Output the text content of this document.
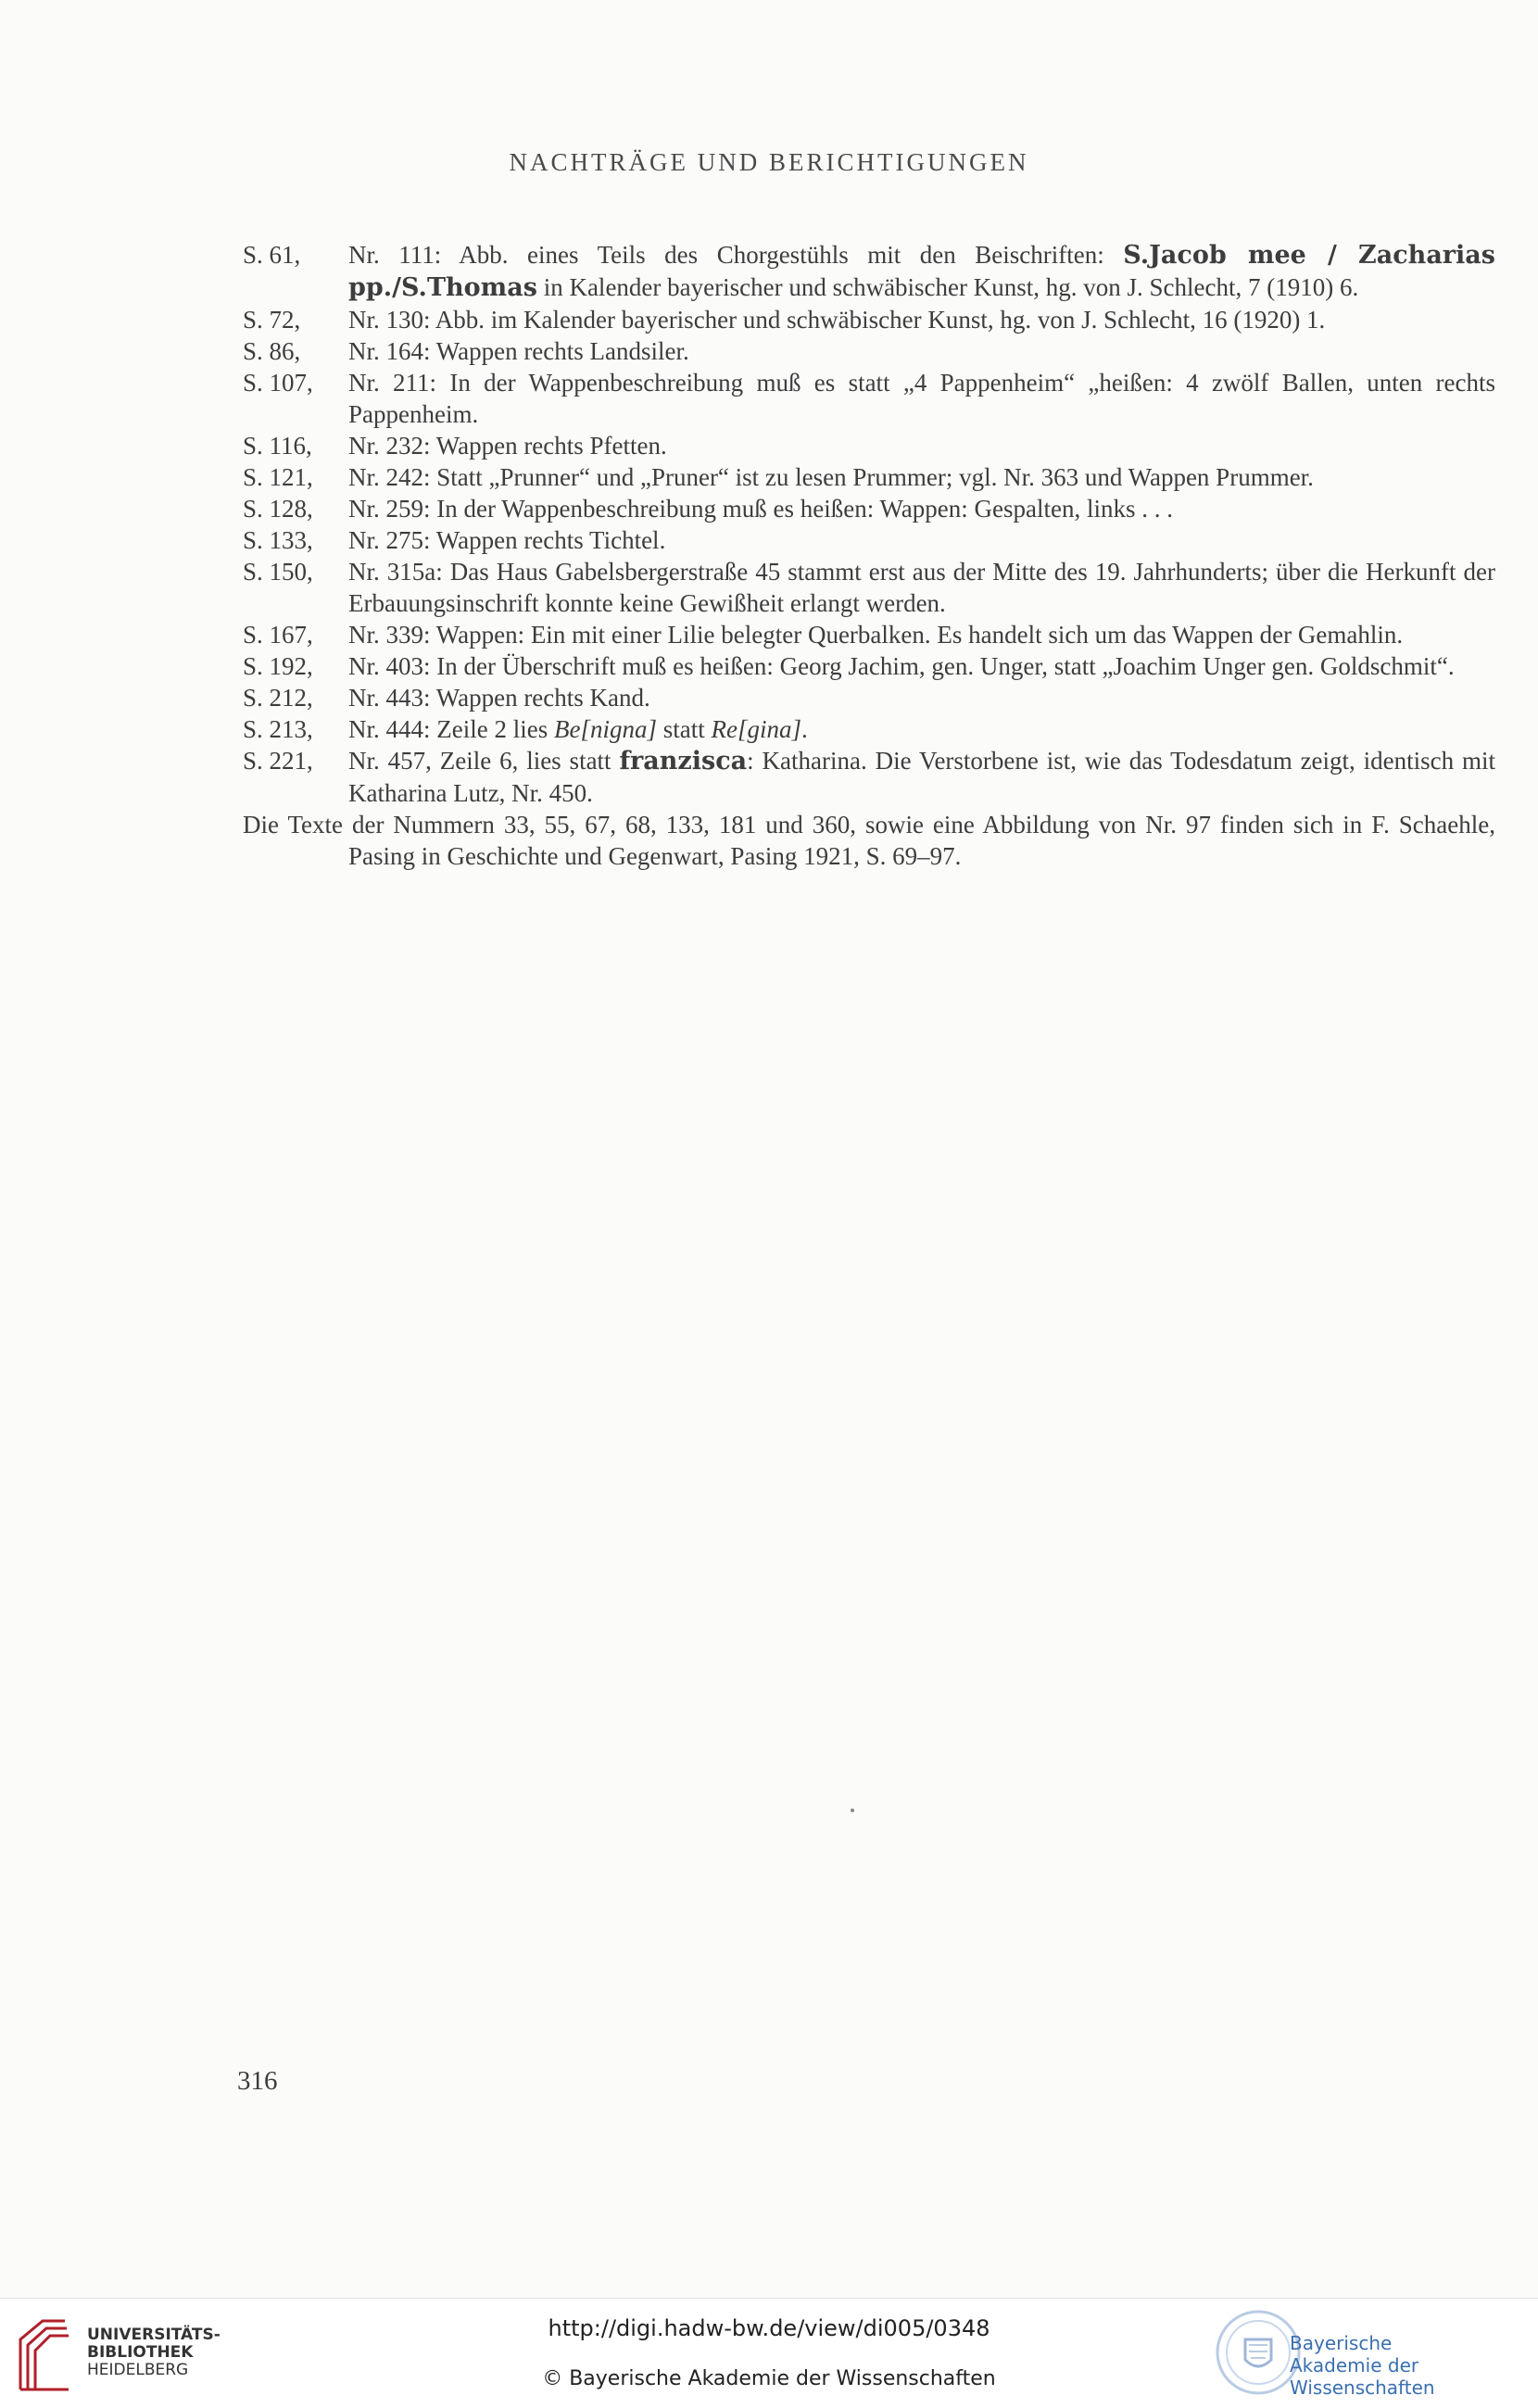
NACHTRÄGE UND BERICHTIGUNGEN

S. 61, Nr. 111: Abb. eines Teils des Chorgestühls mit den Beischriften: S.Jacob mee / Zacharias pp./S.Thomas in Kalender bayerischer und schwäbischer Kunst, hg. von J. Schlecht, 7 (1910) 6.

S. 72, Nr. 130: Abb. im Kalender bayerischer und schwäbischer Kunst, hg. von J. Schlecht, 16 (1920) 1.

S. 86, Nr. 164: Wappen rechts Landsiler.

S. 107, Nr. 211: In der Wappenbeschreibung muß es statt „4 Pappenheim“ „heißen: 4 zwölf Ballen, unten rechts Pappenheim.

S. 116, Nr. 232: Wappen rechts Pfetten.

S. 121, Nr. 242: Statt „Prunner“ und „Pruner“ ist zu lesen Prummer; vgl. Nr. 363 und Wappen Prummer.

S. 128, Nr. 259: In der Wappenbeschreibung muß es heißen: Wappen: Gespalten, links . . .

S. 133, Nr. 275: Wappen rechts Tichtel.

S. 150, Nr. 315a: Das Haus Gabelsbergerstraße 45 stammt erst aus der Mitte des 19. Jahrhunderts; über die Herkunft der Erbauungsinschrift konnte keine Gewißheit erlangt werden.

S. 167, Nr. 339: Wappen: Ein mit einer Lilie belegter Querbalken. Es handelt sich um das Wappen der Gemahlin.

S. 192, Nr. 403: In der Überschrift muß es heißen: Georg Jachim, gen. Unger, statt „Joachim Unger gen. Goldschmit“.

S. 212, Nr. 443: Wappen rechts Kand.

S. 213, Nr. 444: Zeile 2 lies Be[nigna] statt Re[gina].

S. 221, Nr. 457, Zeile 6, lies statt franzisca: Katharina. Die Verstorbene ist, wie das Todesdatum zeigt, identisch mit Katharina Lutz, Nr. 450.

Die Texte der Nummern 33, 55, 67, 68, 133, 181 und 360, sowie eine Abbildung von Nr. 97 finden sich in F. Schaehle, Pasing in Geschichte und Gegenwart, Pasing 1921, S. 69–97.

316
UNIVERSITÄTS-
BIBLIOTHEK
HEIDELBERG
http://digi.hadw-bw.de/view/di005/0348
© Bayerische Akademie der Wissenschaften
Bayerische
Akademie der Wissenschaften
